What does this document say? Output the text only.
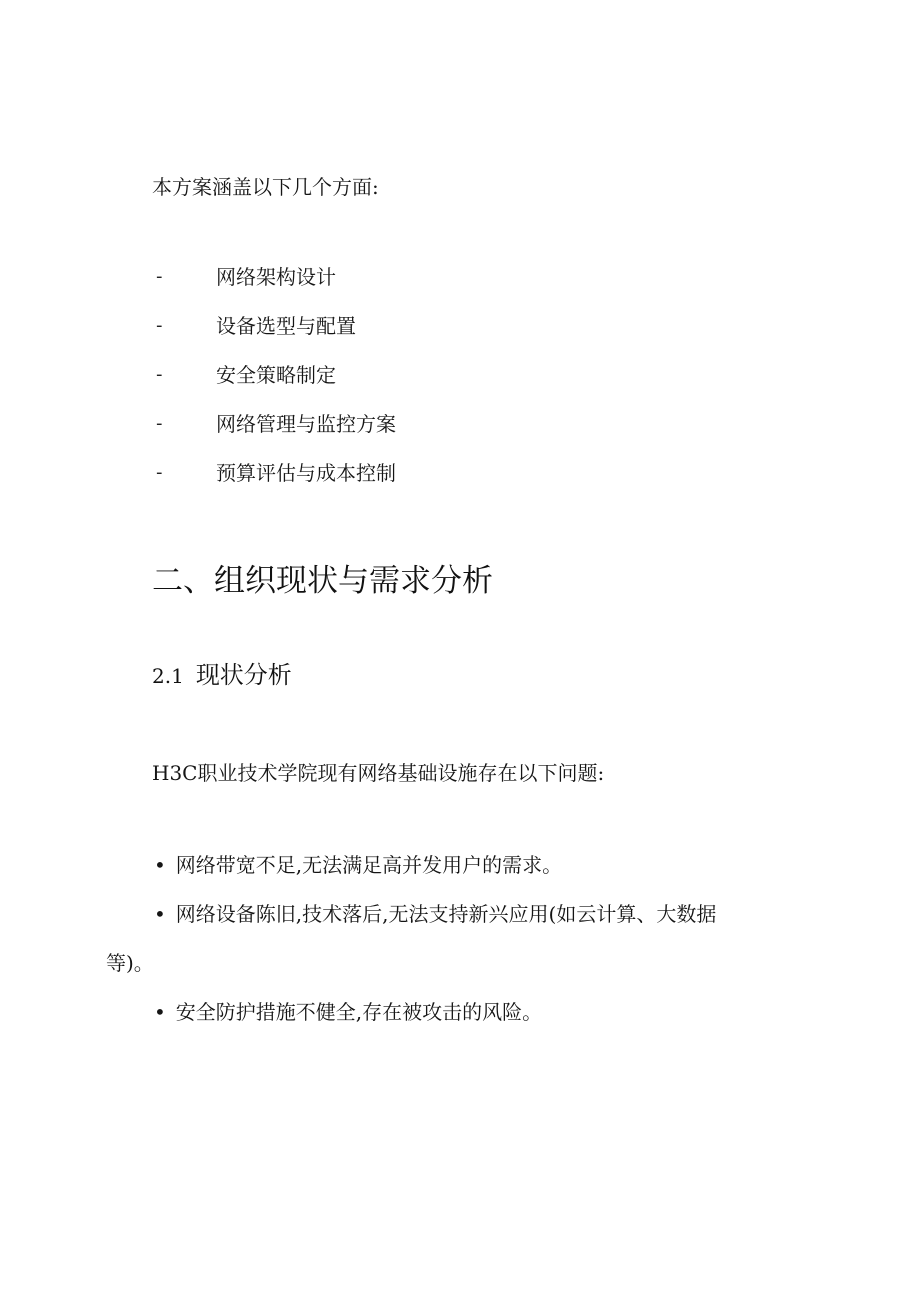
本方案涵盖以下几个方面:
-	网络架构设计
-	设备选型与配置
-	安全策略制定
-	网络管理与监控方案
-	预算评估与成本控制
二、组织现状与需求分析
2.1 现状分析
H3C职业技术学院现有网络基础设施存在以下问题:
• 网络带宽不足,无法满足高并发用户的需求。
• 网络设备陈旧,技术落后,无法支持新兴应用(如云计算、大数据
等)。
• 安全防护措施不健全,存在被攻击的风险。
